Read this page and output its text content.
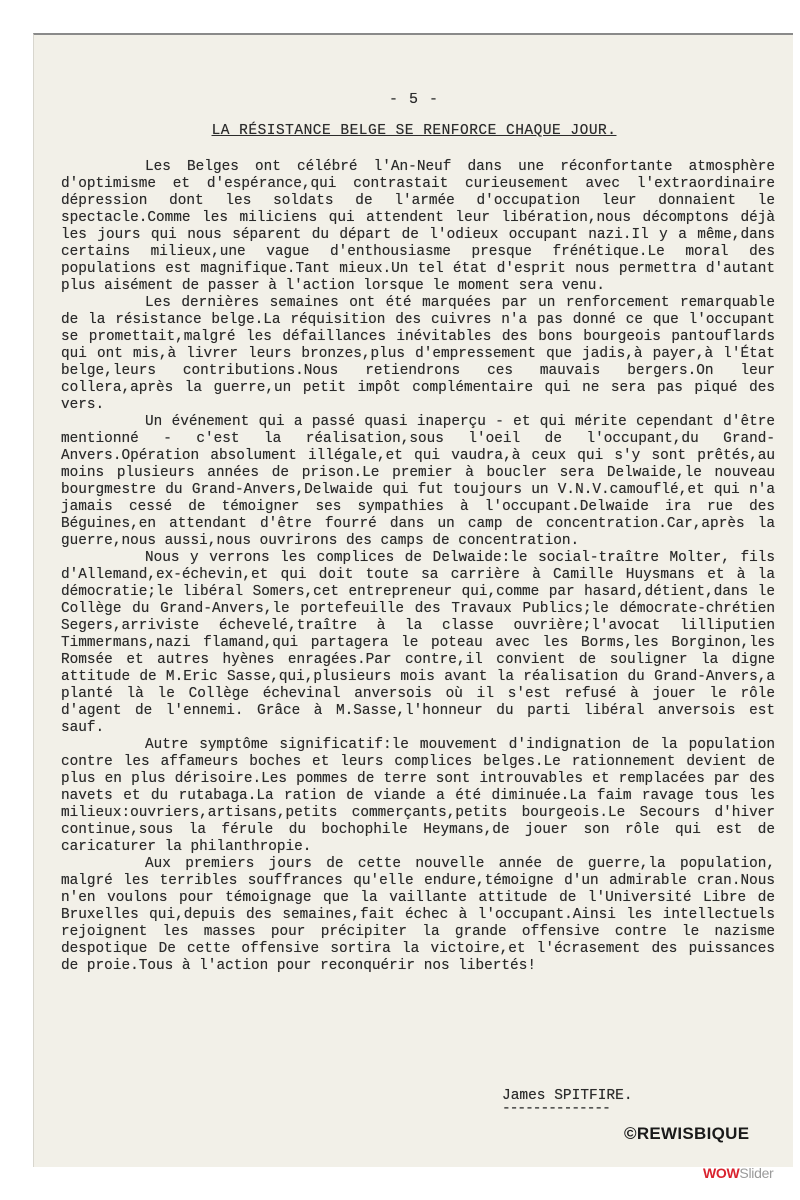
- 5 -
LA RÉSISTANCE BELGE SE RENFORCE CHAQUE JOUR.

Les Belges ont célébré l'An-Neuf dans une réconfortante atmosphère d'optimisme et d'espérance,qui contrastait curieusement avec l'extraordinaire dépression dont les soldats de l'armée d'occupation leur donnaient le spectacle.Comme les miliciens qui attendent leur libération,nous décomptons déjà les jours qui nous séparent du départ de l'odieux occupant nazi.Il y a même,dans certains milieux,une vague d'enthousiasme presque frénétique.Le moral des populations est magnifique.Tant mieux.Un tel état d'esprit nous permettra d'autant plus aisément de passer à l'action lorsque le moment sera venu.

Les dernières semaines ont été marquées par un renforcement remarquable de la résistance belge.La réquisition des cuivres n'a pas donné ce que l'occupant se promettait,malgré les défaillances inévitables des bons bourgeois pantouflards qui ont mis,à livrer leurs bronzes,plus d'empressement que jadis,à payer,à l'État belge,leurs contributions.Nous retiendrons ces mauvais bergers.On leur collera,après la guerre,un petit impôt complémentaire qui ne sera pas piqué des vers.

Un événement qui a passé quasi inaperçu - et qui mérite cependant d'être mentionné - c'est la réalisation,sous l'oeil de l'occupant,du Grand-Anvers.Opération absolument illégale,et qui vaudra,à ceux qui s'y sont prêtés,au moins plusieurs années de prison.Le premier à boucler sera Delwaide,le nouveau bourgmestre du Grand-Anvers,Delwaide qui fut toujours un V.N.V.camouflé,et qui n'a jamais cessé de témoigner ses sympathies à l'occupant.Delwaide ira rue des Béguines,en attendant d'être fourré dans un camp de concentration.Car,après la guerre,nous aussi,nous ouvrirons des camps de concentration.

Nous y verrons les complices de Delwaide:le social-traître Molter, fils d'Allemand,ex-échevin,et qui doit toute sa carrière à Camille Huysmans et à la démocratie;le libéral Somers,cet entrepreneur qui,comme par hasard,détient,dans le Collège du Grand-Anvers,le portefeuille des Travaux Publics;le démocrate-chrétien Segers,arriviste échevelé,traître à la classe ouvrière;l'avocat lilliputien Timmermans,nazi flamand,qui partagera le poteau avec les Borms,les Borginon,les Romsée et autres hyènes enragées.Par contre,il convient de souligner la digne attitude de M.Eric Sasse,qui,plusieurs mois avant la réalisation du Grand-Anvers,a planté là le Collège échevinal anversois où il s'est refusé à jouer le rôle d'agent de l'ennemi. Grâce à M.Sasse,l'honneur du parti libéral anversois est sauf.

Autre symptôme significatif:le mouvement d'indignation de la population contre les affameurs boches et leurs complices belges.Le rationnement devient de plus en plus dérisoire.Les pommes de terre sont introuvables et remplacées par des navets et du rutabaga.La ration de viande a été diminuée.La faim ravage tous les milieux:ouvriers,artisans,petits commerçants,petits bourgeois.Le Secours d'hiver continue,sous la férule du bochophile Heymans,de jouer son rôle qui est de caricaturer la philanthropie.

Aux premiers jours de cette nouvelle année de guerre,la population, malgré les terribles souffrances qu'elle endure,témoigne d'un admirable cran.Nous n'en voulons pour témoignage que la vaillante attitude de l'Université Libre de Bruxelles qui,depuis des semaines,fait échec à l'occupant.Ainsi les intellectuels rejoignent les masses pour précipiter la grande offensive contre le nazisme despotique De cette offensive sortira la victoire,et l'écrasement des puissances de proie.Tous à l'action pour reconquérir nos libertés!

James SPITFIRE.
--------------
©REWISBIQUE
WOWSlider
